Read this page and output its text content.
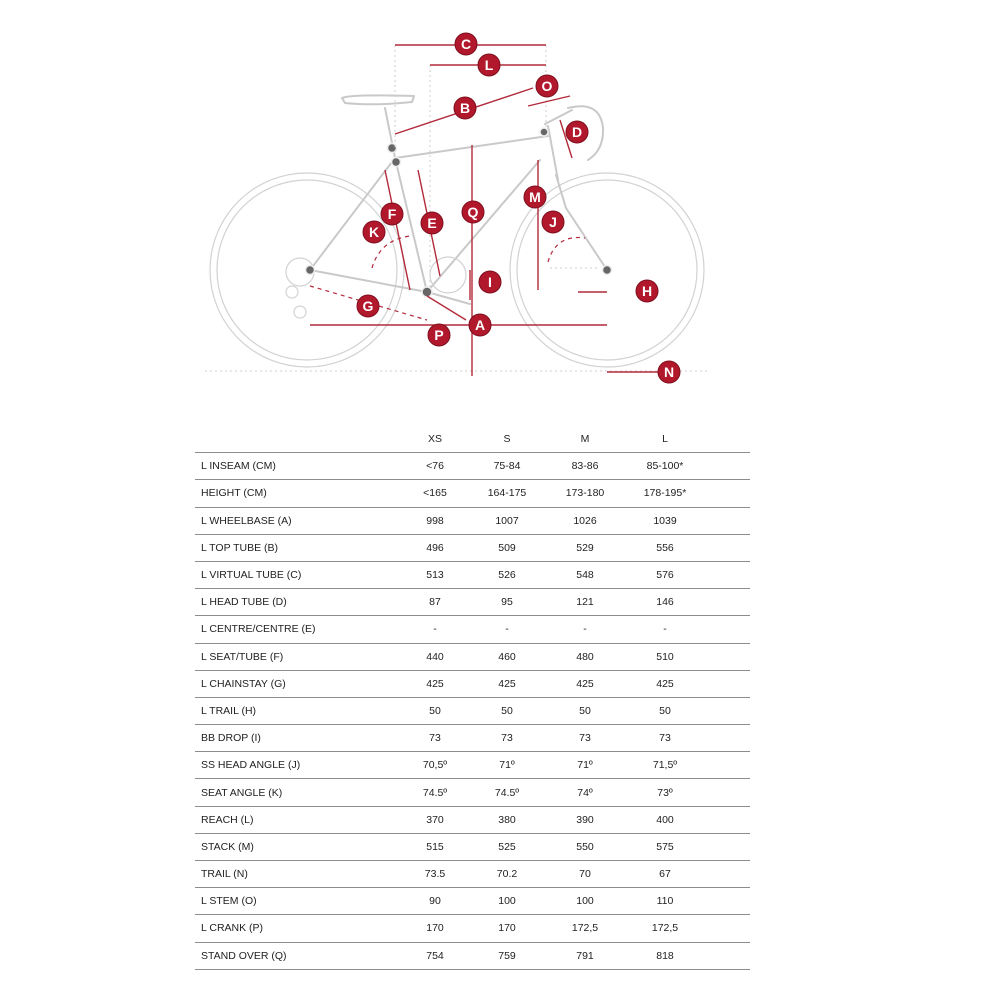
C
L
O
B
D
M
Q
F	J
E
K
I
H
G
A
P
N
XS	S	M	L
L INSEAM (CM)	<76	75-84	83-86	85-100*
HEIGHT (CM)	<165	164-175	173-180	178-195*
L WHEELBASE (A)	998	1007	1026	1039
L TOP TUBE (B)	496	509	529	556
L VIRTUAL TUBE (C)	513	526	548	576
L HEAD TUBE (D)	87	95	121	146
L CENTRE/CENTRE (E)	-	-	-	-
L SEAT/TUBE (F)	440	460	480	510
L CHAINSTAY (G)	425	425	425	425
L TRAIL (H)	50	50	50	50
BB DROP (I)	73	73	73	73
SS HEAD ANGLE (J)	70,5º	71º	71º	71,5º
SEAT ANGLE (K)	74.5º	74.5º	74º	73º
REACH (L)	370	380	390	400
STACK (M)	515	525	550	575
TRAIL (N)	73.5	70.2	70	67
L STEM (O)	90	100	100	110
L CRANK (P)	170	170	172,5	172,5
STAND OVER (Q)	754	759	791	818
